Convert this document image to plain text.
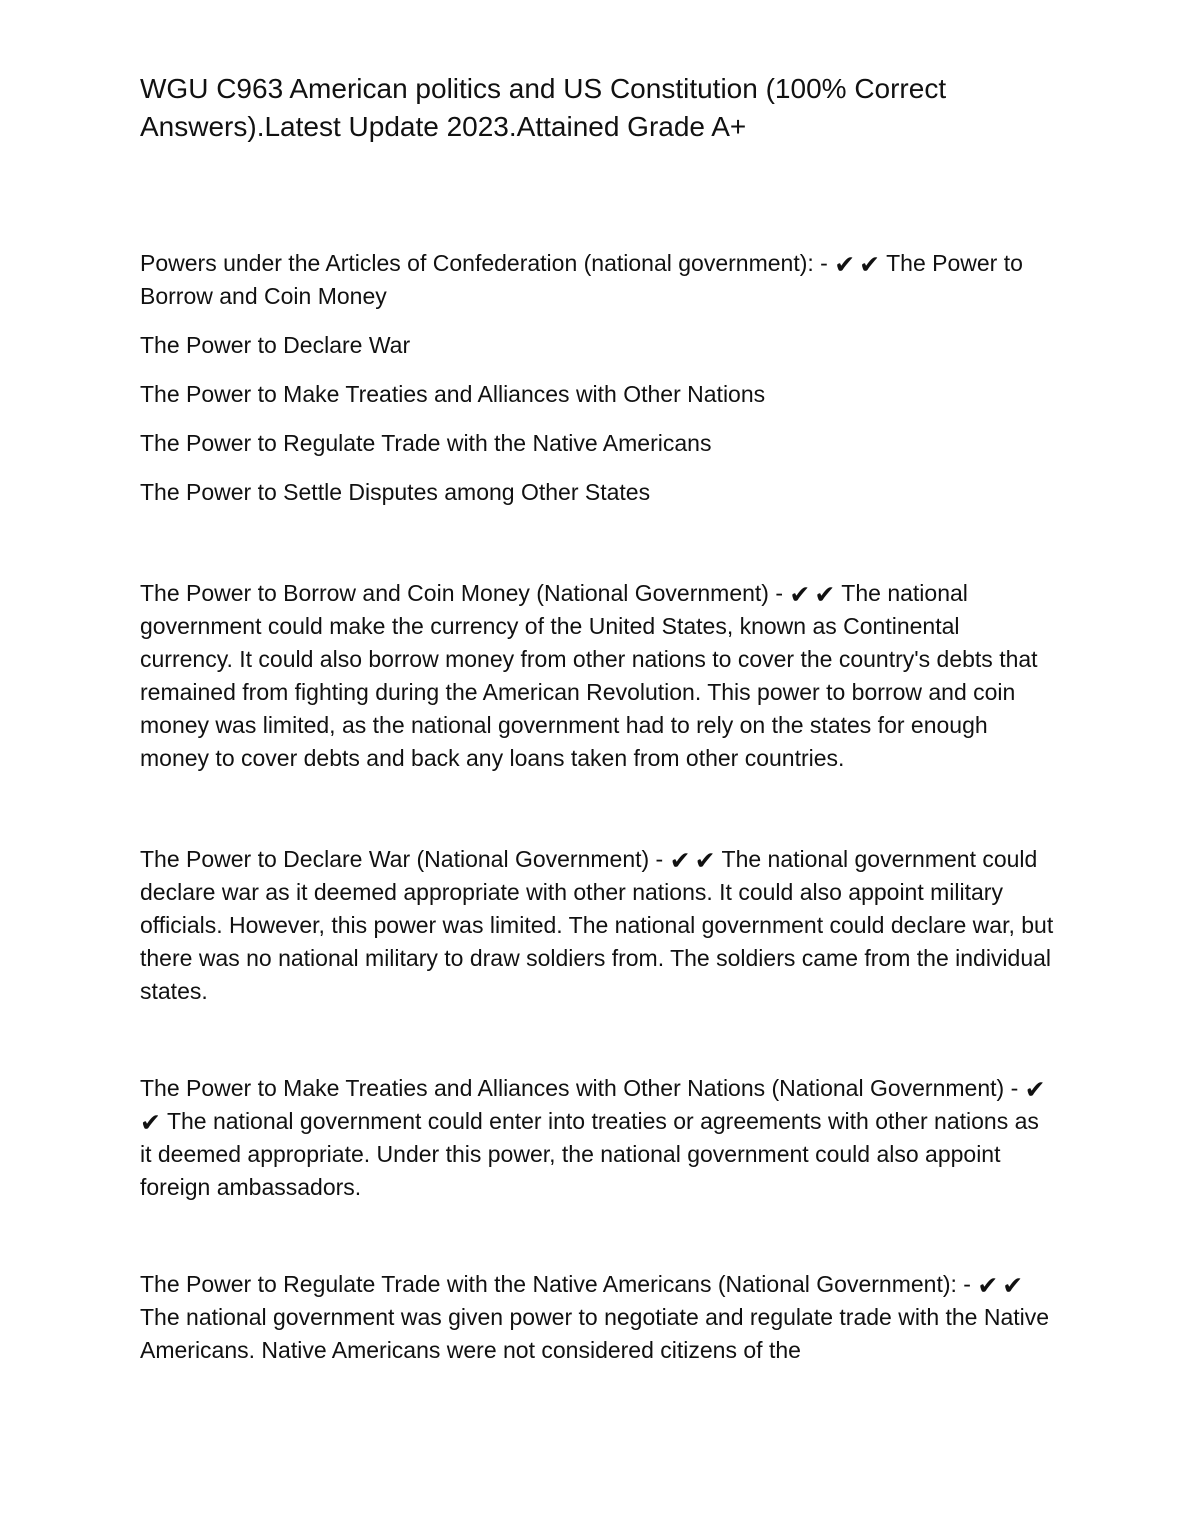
WGU C963 American politics and US Constitution (100% Correct Answers).Latest Update 2023.Attained Grade A+

Powers under the Articles of Confederation (national government): - ✔ ✔ The Power to Borrow and Coin Money

The Power to Declare War

The Power to Make Treaties and Alliances with Other Nations

The Power to Regulate Trade with the Native Americans

The Power to Settle Disputes among Other States

The Power to Borrow and Coin Money (National Government) - ✔ ✔ The national government could make the currency of the United States, known as Continental currency. It could also borrow money from other nations to cover the country's debts that remained from fighting during the American Revolution. This power to borrow and coin money was limited, as the national government had to rely on the states for enough money to cover debts and back any loans taken from other countries.

The Power to Declare War (National Government) - ✔ ✔ The national government could declare war as it deemed appropriate with other nations. It could also appoint military officials. However, this power was limited. The national government could declare war, but there was no national military to draw soldiers from. The soldiers came from the individual states.

The Power to Make Treaties and Alliances with Other Nations (National Government) - ✔✔ The national government could enter into treaties or agreements with other nations as it deemed appropriate. Under this power, the national government could also appoint foreign ambassadors.

The Power to Regulate Trade with the Native Americans (National Government): - ✔ ✔The national government was given power to negotiate and regulate trade with the Native Americans. Native Americans were not considered citizens of the
